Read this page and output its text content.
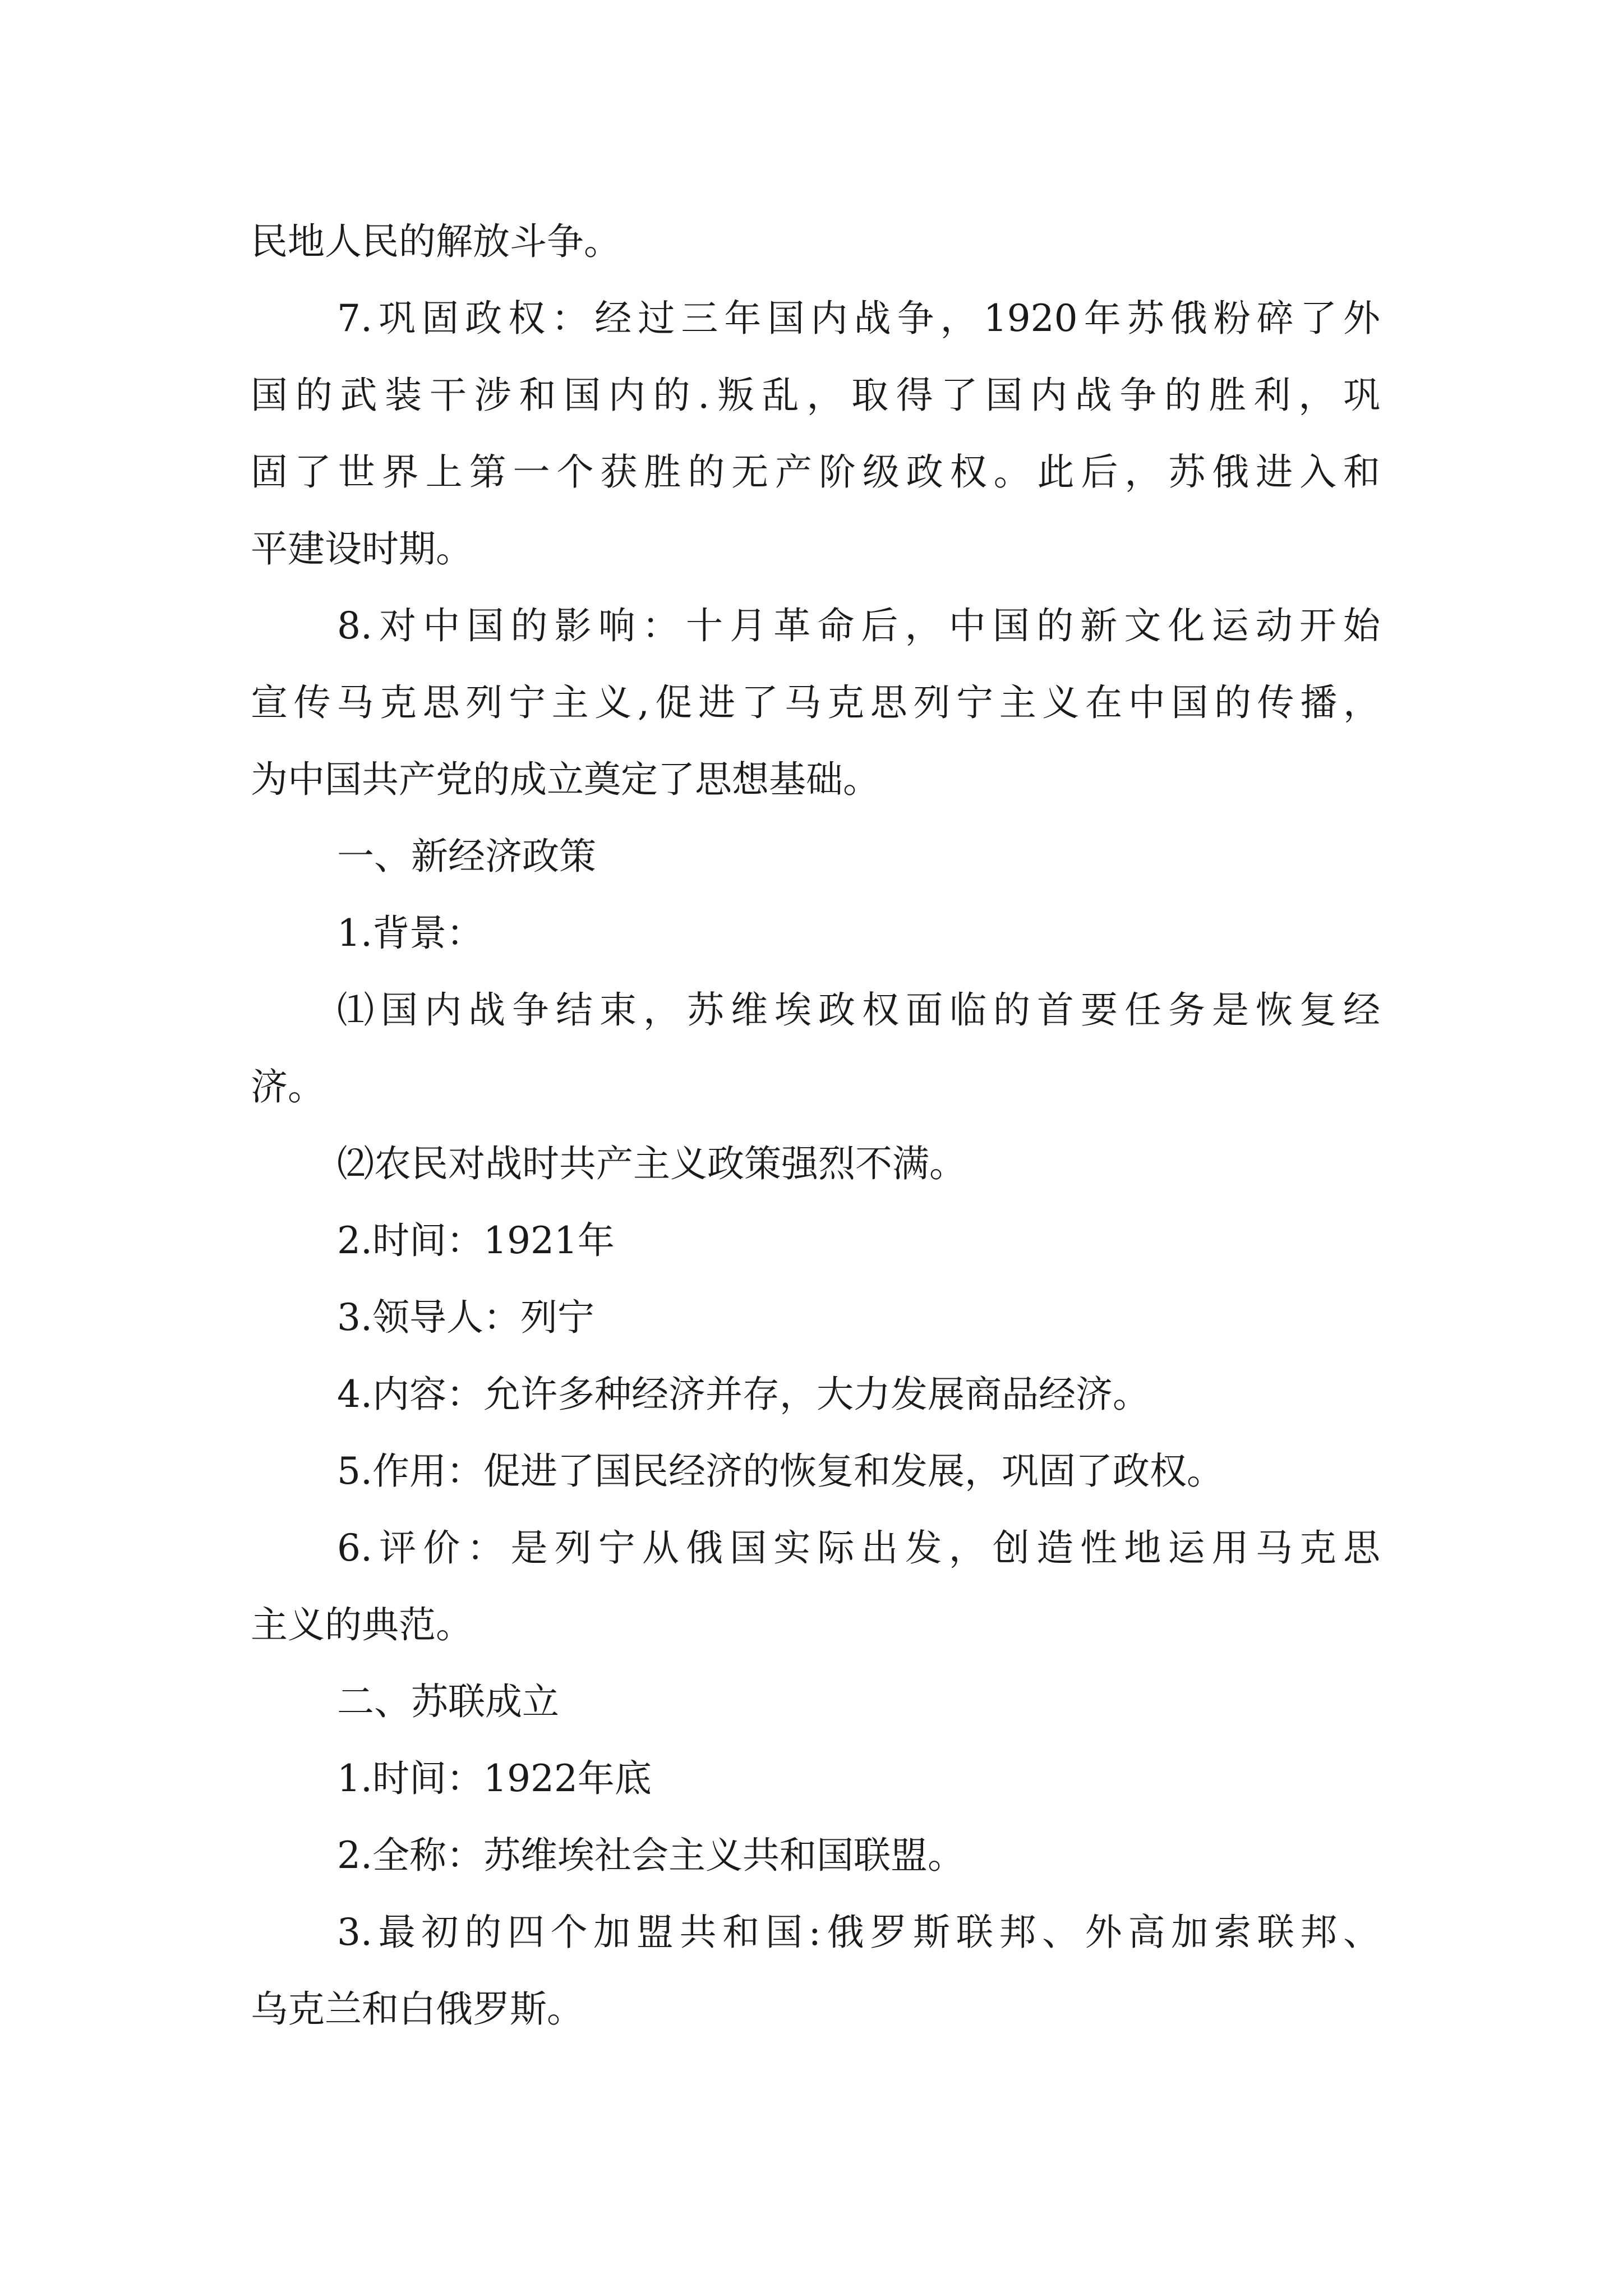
民地人民的解放斗争。

7.巩固政权：经过三年国内战争，1920年苏俄粉碎了外

国的武装干涉和国内的.叛乱，取得了国内战争的胜利，巩

固了世界上第一个获胜的无产阶级政权。此后，苏俄进入和

平建设时期。

8.对中国的影响：十月革命后，中国的新文化运动开始

宣传马克思列宁主义,促进了马克思列宁主义在中国的传播，

为中国共产党的成立奠定了思想基础。

一、新经济政策

1.背景：

⑴国内战争结束，苏维埃政权面临的首要任务是恢复经

济。

⑵农民对战时共产主义政策强烈不满。

2.时间：1921年

3.领导人：列宁

4.内容：允许多种经济并存，大力发展商品经济。

5.作用：促进了国民经济的恢复和发展，巩固了政权。

6.评价：是列宁从俄国实际出发，创造性地运用马克思

主义的典范。

二、苏联成立

1.时间：1922年底

2.全称：苏维埃社会主义共和国联盟。

3.最初的四个加盟共和国:俄罗斯联邦、外高加索联邦、

乌克兰和白俄罗斯。
